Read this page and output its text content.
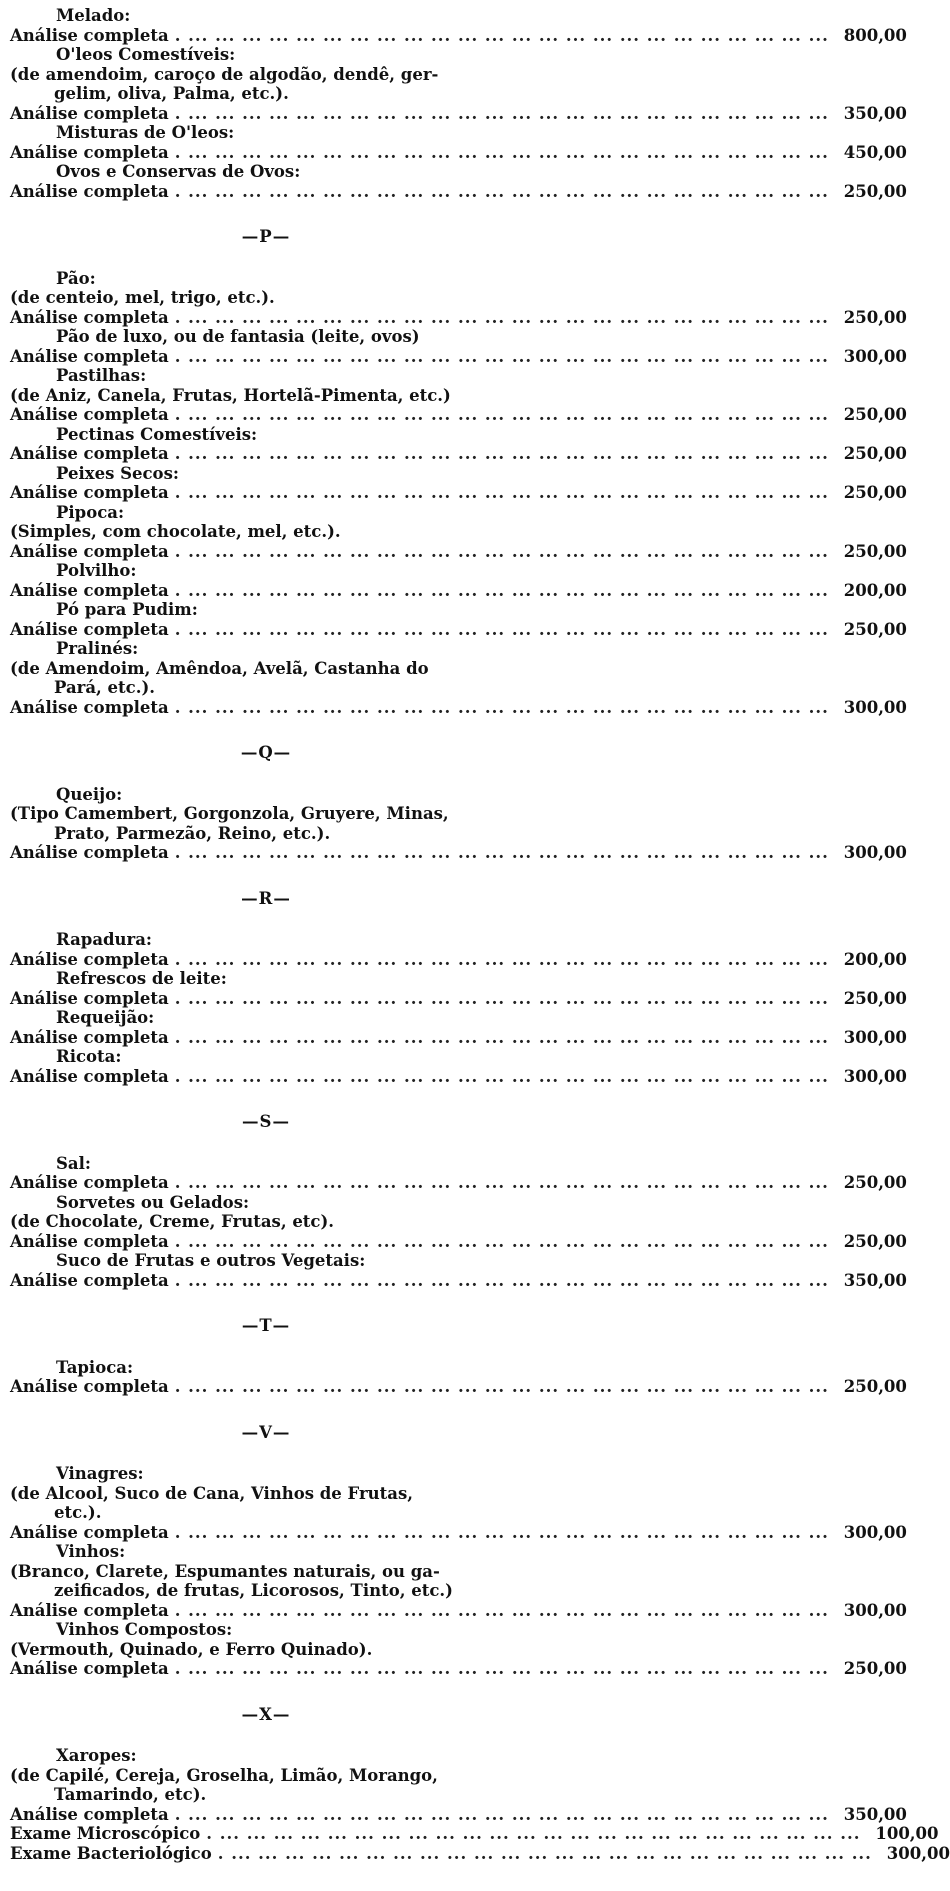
Melado:
Análise completa . ... ... ... ... ... ... ... ... ... ... ... ... ... ... ... ... ... ... ... ... ... ... ... ... 800,00
O'leos Comestíveis:
(de amendoim, caroço de algodão, dendê, ger-
gelim, oliva, Palma, etc.).
Análise completa . ... ... ... ... ... ... ... ... ... ... ... ... ... ... ... ... ... ... ... ... ... ... ... ... 350,00
Misturas de O'leos:
Análise completa . ... ... ... ... ... ... ... ... ... ... ... ... ... ... ... ... ... ... ... ... ... ... ... ... 450,00
Ovos e Conservas de Ovos:
Análise completa . ... ... ... ... ... ... ... ... ... ... ... ... ... ... ... ... ... ... ... ... ... ... ... ... 250,00
—P—
Pão:
(de centeio, mel, trigo, etc.).
Análise completa . ... ... ... ... ... ... ... ... ... ... ... ... ... ... ... ... ... ... ... ... ... ... ... ... 250,00
Pão de luxo, ou de fantasia (leite, ovos)
Análise completa . ... ... ... ... ... ... ... ... ... ... ... ... ... ... ... ... ... ... ... ... ... ... ... ... 300,00
Pastilhas:
(de Aniz, Canela, Frutas, Hortelã-Pimenta, etc.)
Análise completa . ... ... ... ... ... ... ... ... ... ... ... ... ... ... ... ... ... ... ... ... ... ... ... ... 250,00
Pectinas Comestíveis:
Análise completa . ... ... ... ... ... ... ... ... ... ... ... ... ... ... ... ... ... ... ... ... ... ... ... ... 250,00
Peixes Secos:
Análise completa . ... ... ... ... ... ... ... ... ... ... ... ... ... ... ... ... ... ... ... ... ... ... ... ... 250,00
Pipoca:
(Simples, com chocolate, mel, etc.).
Análise completa . ... ... ... ... ... ... ... ... ... ... ... ... ... ... ... ... ... ... ... ... ... ... ... ... 250,00
Polvilho:
Análise completa . ... ... ... ... ... ... ... ... ... ... ... ... ... ... ... ... ... ... ... ... ... ... ... ... 200,00
Pó para Pudim:
Análise completa . ... ... ... ... ... ... ... ... ... ... ... ... ... ... ... ... ... ... ... ... ... ... ... ... 250,00
Pralinés:
(de Amendoim, Amêndoa, Avelã, Castanha do
Pará, etc.).
Análise completa . ... ... ... ... ... ... ... ... ... ... ... ... ... ... ... ... ... ... ... ... ... ... ... ... 300,00
—Q—
Queijo:
(Tipo Camembert, Gorgonzola, Gruyere, Minas,
Prato, Parmezão, Reino, etc.).
Análise completa . ... ... ... ... ... ... ... ... ... ... ... ... ... ... ... ... ... ... ... ... ... ... ... ... 300,00
—R—
Rapadura:
Análise completa . ... ... ... ... ... ... ... ... ... ... ... ... ... ... ... ... ... ... ... ... ... ... ... ... 200,00
Refrescos de leite:
Análise completa . ... ... ... ... ... ... ... ... ... ... ... ... ... ... ... ... ... ... ... ... ... ... ... ... 250,00
Requeijão:
Análise completa . ... ... ... ... ... ... ... ... ... ... ... ... ... ... ... ... ... ... ... ... ... ... ... ... 300,00
Ricota:
Análise completa . ... ... ... ... ... ... ... ... ... ... ... ... ... ... ... ... ... ... ... ... ... ... ... ... 300,00
—S—
Sal:
Análise completa . ... ... ... ... ... ... ... ... ... ... ... ... ... ... ... ... ... ... ... ... ... ... ... ... 250,00
Sorvetes ou Gelados:
(de Chocolate, Creme, Frutas, etc).
Análise completa . ... ... ... ... ... ... ... ... ... ... ... ... ... ... ... ... ... ... ... ... ... ... ... ... 250,00
Suco de Frutas e outros Vegetais:
Análise completa . ... ... ... ... ... ... ... ... ... ... ... ... ... ... ... ... ... ... ... ... ... ... ... ... 350,00
—T—
Tapioca:
Análise completa . ... ... ... ... ... ... ... ... ... ... ... ... ... ... ... ... ... ... ... ... ... ... ... ... 250,00
—V—
Vinagres:
(de Alcool, Suco de Cana, Vinhos de Frutas,
etc.).
Análise completa . ... ... ... ... ... ... ... ... ... ... ... ... ... ... ... ... ... ... ... ... ... ... ... ... 300,00
Vinhos:
(Branco, Clarete, Espumantes naturais, ou ga-
zeificados, de frutas, Licorosos, Tinto, etc.)
Análise completa . ... ... ... ... ... ... ... ... ... ... ... ... ... ... ... ... ... ... ... ... ... ... ... ... 300,00
Vinhos Compostos:
(Vermouth, Quinado, e Ferro Quinado).
Análise completa . ... ... ... ... ... ... ... ... ... ... ... ... ... ... ... ... ... ... ... ... ... ... ... ... 250,00
—X—
Xaropes:
(de Capilé, Cereja, Groselha, Limão, Morango,
Tamarindo, etc).
Análise completa . ... ... ... ... ... ... ... ... ... ... ... ... ... ... ... ... ... ... ... ... ... ... ... ... 350,00
Exame Microscópico . ... ... ... ... ... ... ... ... ... ... ... ... ... ... ... ... ... ... ... ... ... ... ... ... 100,00
Exame Bacteriológico . ... ... ... ... ... ... ... ... ... ... ... ... ... ... ... ... ... ... ... ... ... ... ... ... 300,00
